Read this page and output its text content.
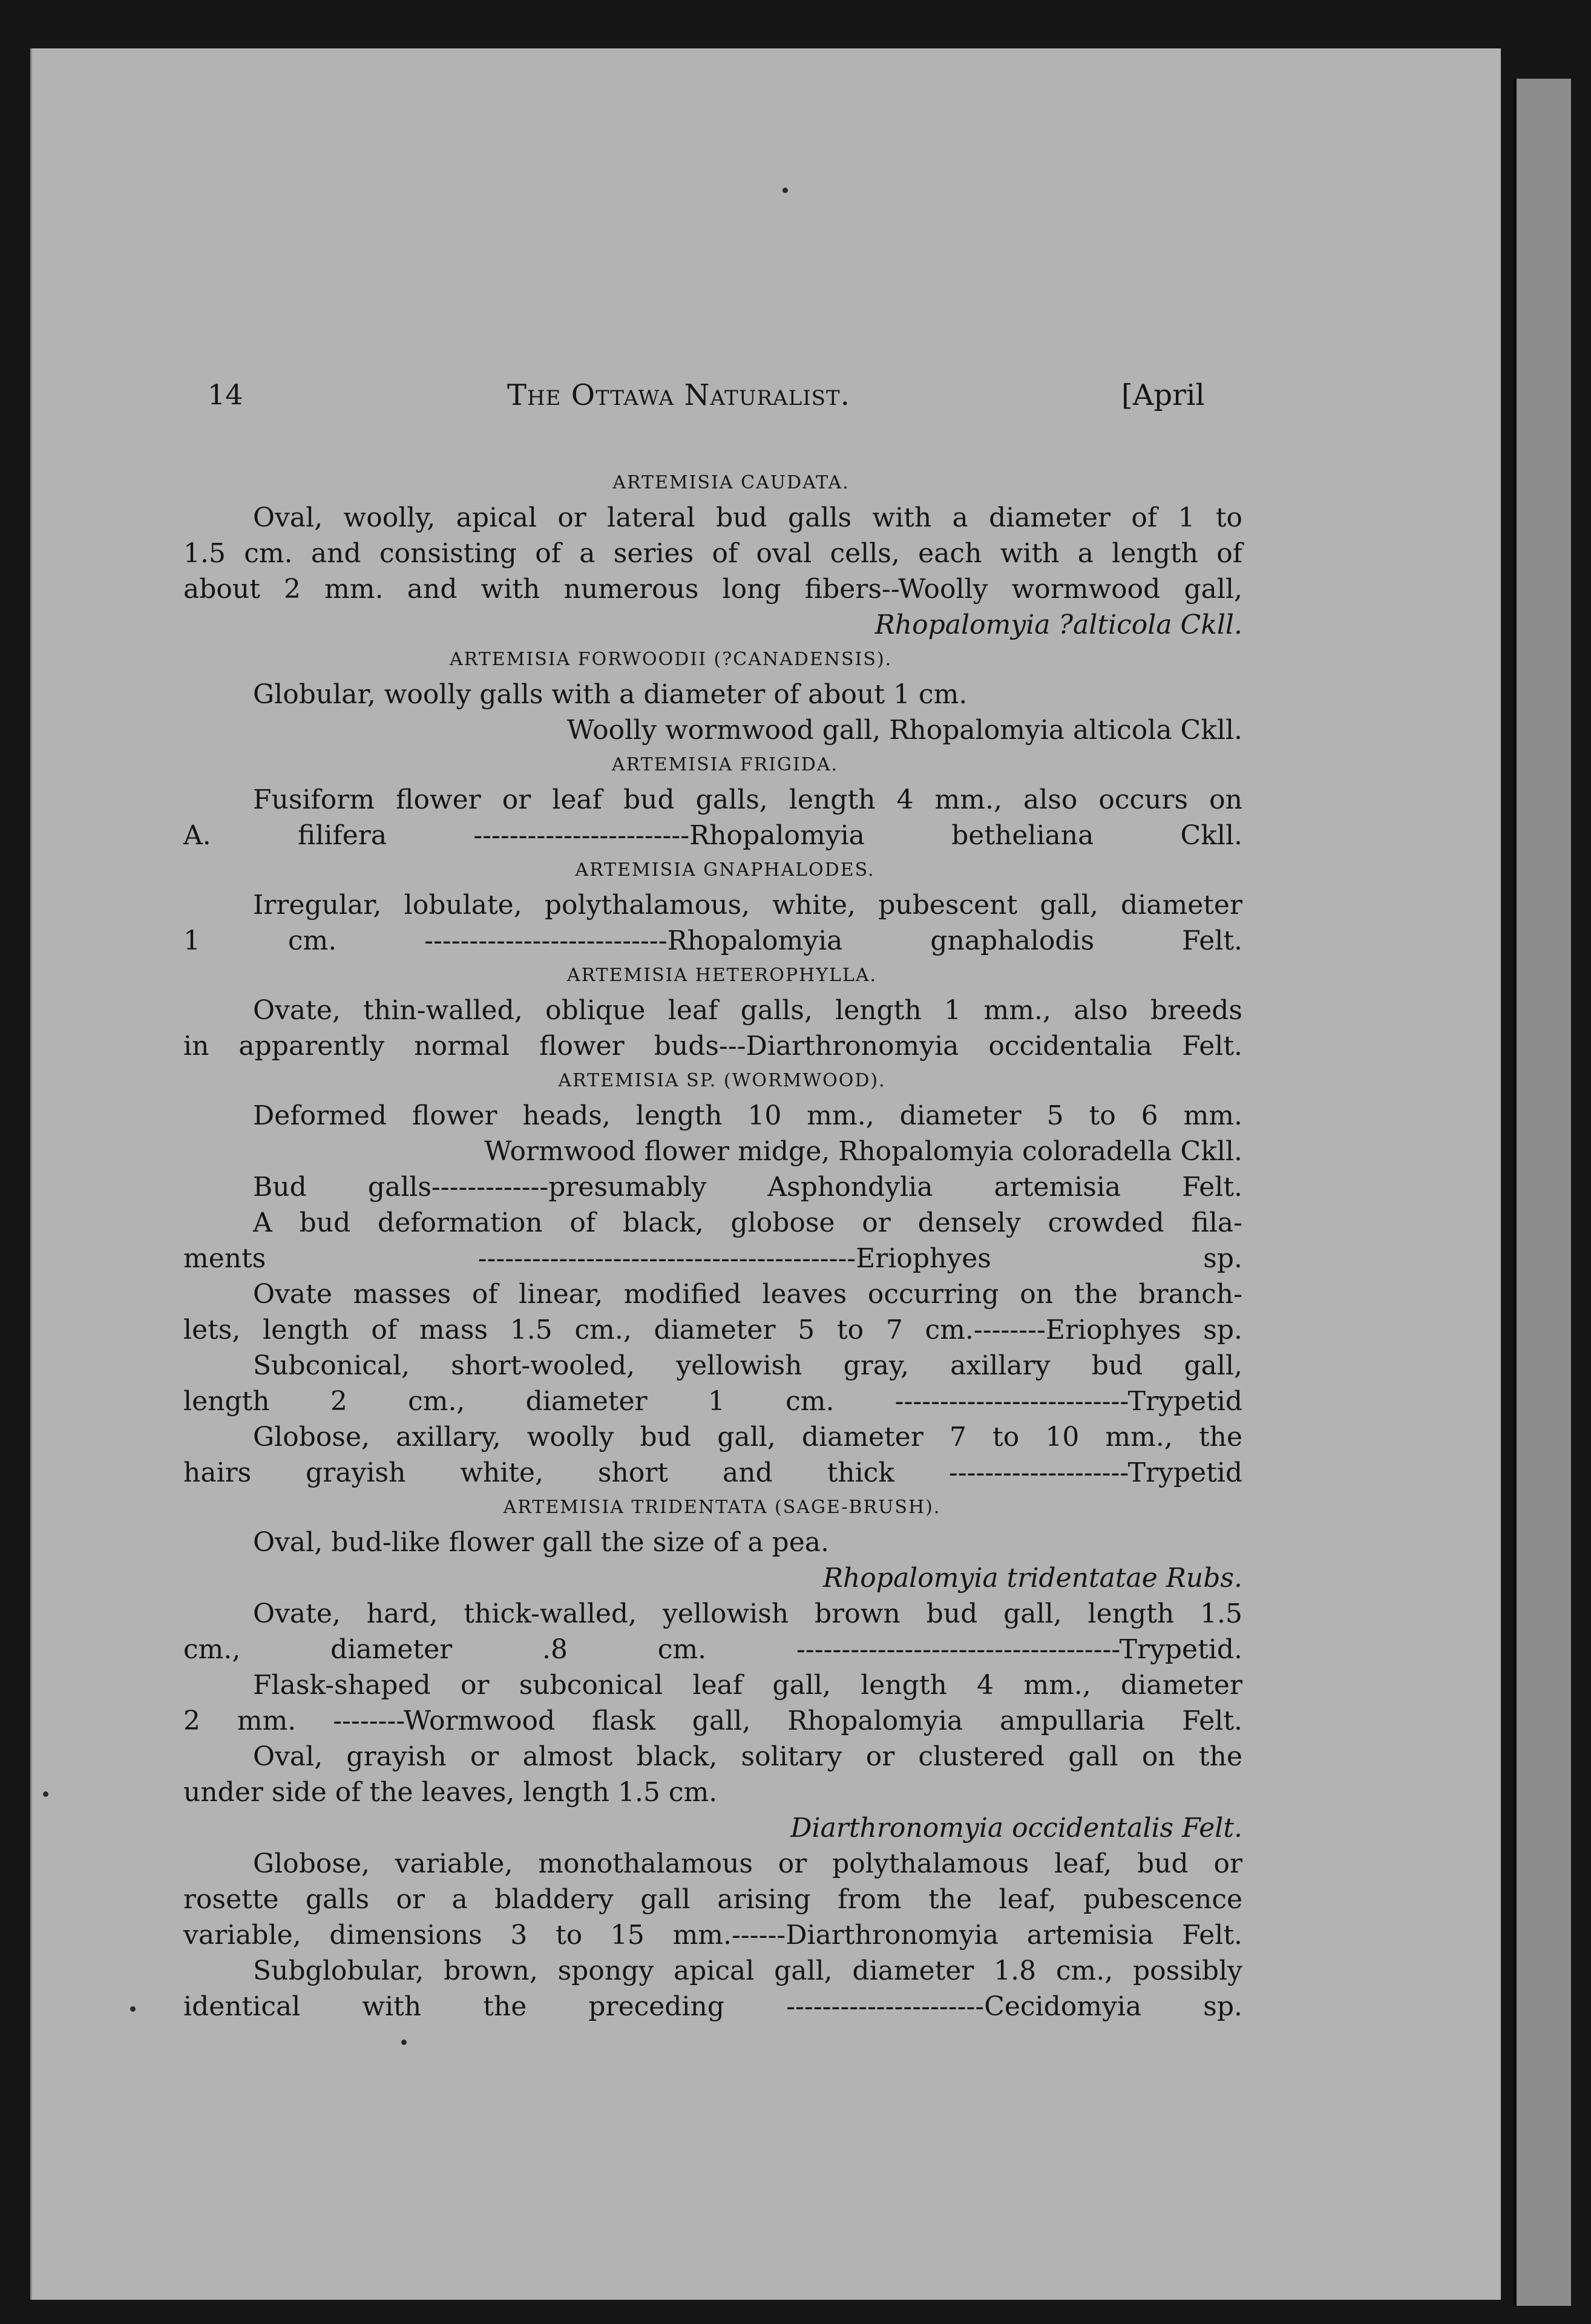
14	The Ottawa Naturalist.	[April
ARTEMISIA CAUDATA.
Oval, woolly, apical or lateral bud galls with a diameter of 1 to
1.5 cm. and consisting of a series of oval cells, each with a length of
about 2 mm. and with numerous long fibers--Woolly wormwood gall,
Rhopalomyia ?alticola Ckll.
ARTEMISIA FORWOODII (?CANADENSIS).
Globular, woolly galls with a diameter of about 1 cm.
Woolly wormwood gall, Rhopalomyia alticola Ckll.
ARTEMISIA FRIGIDA.
Fusiform flower or leaf bud galls, length 4 mm., also occurs on
A. filifera ------------------------Rhopalomyia betheliana Ckll.
ARTEMISIA GNAPHALODES.
Irregular, lobulate, polythalamous, white, pubescent gall, diameter
1 cm. ---------------------------Rhopalomyia gnaphalodis Felt.
ARTEMISIA HETEROPHYLLA.
Ovate, thin-walled, oblique leaf galls, length 1 mm., also breeds
in apparently normal flower buds---Diarthronomyia occidentalia Felt.
ARTEMISIA SP. (WORMWOOD).
Deformed flower heads, length 10 mm., diameter 5 to 6 mm.
Wormwood flower midge, Rhopalomyia coloradella Ckll.
Bud galls-------------presumably Asphondylia artemisia Felt.
A bud deformation of black, globose or densely crowded fila-
ments ------------------------------------------Eriophyes sp.
Ovate masses of linear, modified leaves occurring on the branch-
lets, length of mass 1.5 cm., diameter 5 to 7 cm.--------Eriophyes sp.
Subconical, short-wooled, yellowish gray, axillary bud gall,
length 2 cm., diameter 1 cm. --------------------------Trypetid
Globose, axillary, woolly bud gall, diameter 7 to 10 mm., the
hairs grayish white, short and thick --------------------Trypetid
ARTEMISIA TRIDENTATA (SAGE-BRUSH).
Oval, bud-like flower gall the size of a pea.
Rhopalomyia tridentatae Rubs.
Ovate, hard, thick-walled, yellowish brown bud gall, length 1.5
cm., diameter .8 cm. ------------------------------------Trypetid.
Flask-shaped or subconical leaf gall, length 4 mm., diameter
2 mm. --------Wormwood flask gall, Rhopalomyia ampullaria Felt.
Oval, grayish or almost black, solitary or clustered gall on the
under side of the leaves, length 1.5 cm.
Diarthronomyia occidentalis Felt.
Globose, variable, monothalamous or polythalamous leaf, bud or
rosette galls or a bladdery gall arising from the leaf, pubescence
variable, dimensions 3 to 15 mm.------Diarthronomyia artemisia Felt.
Subglobular, brown, spongy apical gall, diameter 1.8 cm., possibly
identical with the preceding ----------------------Cecidomyia sp.
